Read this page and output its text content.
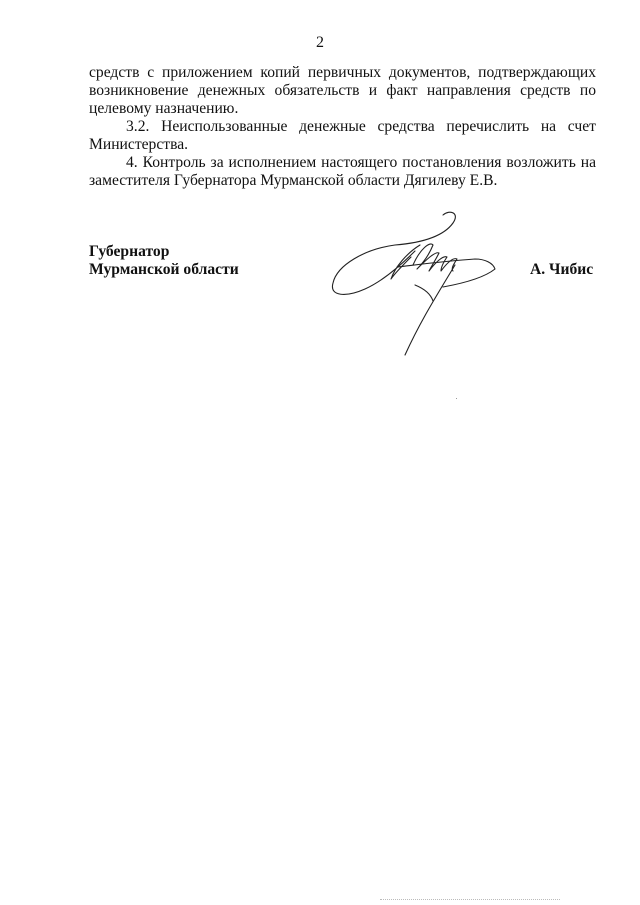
2

средств с приложением копий первичных документов, подтверждающих
возникновение денежных обязательств и факт направления средств по
целевому назначению.

3.2. Неиспользованные денежные средства перечислить на счет
Министерства.

4. Контроль за исполнением настоящего постановления возложить на
заместителя Губернатора Мурманской области Дягилеву Е.В.

Губернатор
Мурманской области	А. Чибис
